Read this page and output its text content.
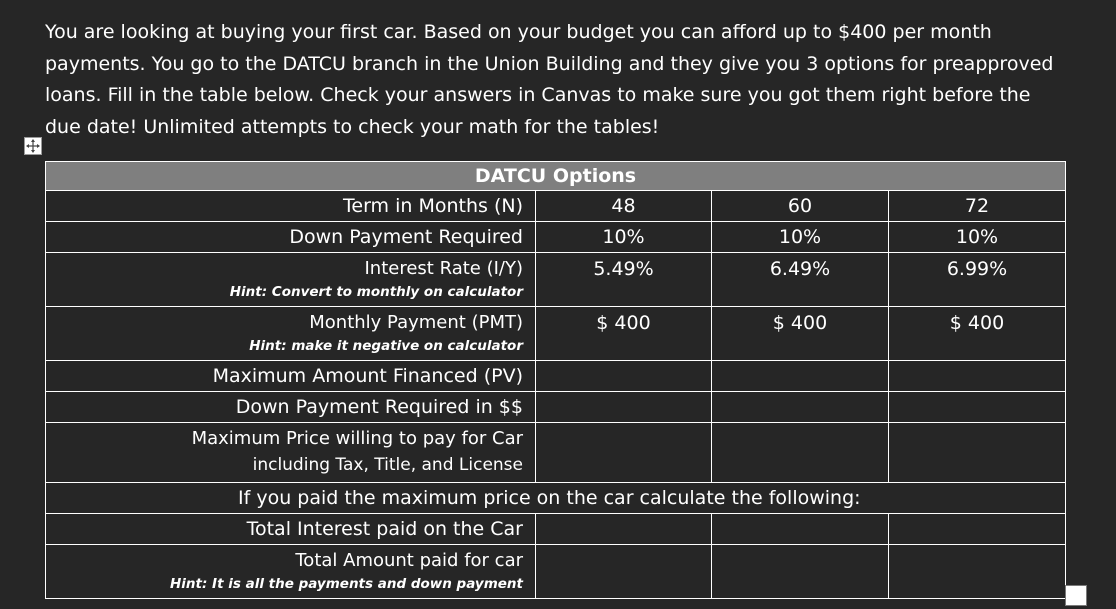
You are looking at buying your first car. Based on your budget you can afford up to $400 per month payments. You go to the DATCU branch in the Union Building and they give you 3 options for preapproved loans. Fill in the table below. Check your answers in Canvas to make sure you got them right before the due date! Unlimited attempts to check your math for the tables!

DATCU Options			
Term in Months (N)	48	60	72
Down Payment Required	10%	10%	10%

Interest Rate (I/Y)
Hint: Convert to monthly on calculator	5.49%	6.49%	6.99%

Monthly Payment (PMT)
Hint: make it negative on calculator	$ 400	$ 400	$ 400
Maximum Amount Financed (PV)			
Down Payment Required in $$			

Maximum Price willing to pay for Car
including Tax, Title, and License			

If you paid the maximum price on the car calculate the following:			
Total Interest paid on the Car			

Total Amount paid for car
Hint: It is all the payments and down payment			
